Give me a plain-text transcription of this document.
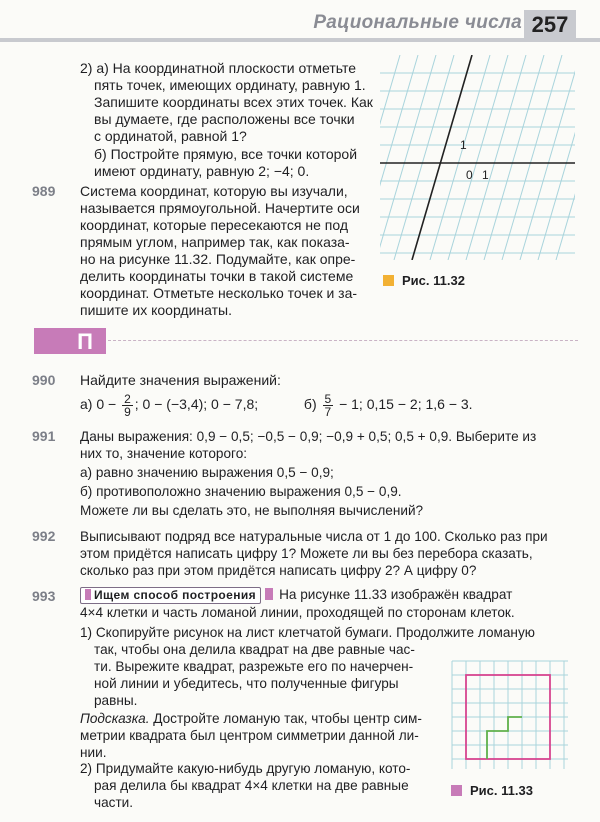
Рациональные числа 257
2) а) На координатной плоскости отметьте
пять точек, имеющих ординату, равную 1.
Запишите координаты всех этих точек. Как
вы думаете, где расположены все точки
с ординатой, равной 1?
б) Постройте прямую, все точки которой
имеют ординату, равную 2; −4; 0.
989 Система координат, которую вы изучали,
называется прямоугольной. Начертите оси
координат, которые пересекаются не под
прямым углом, например так, как показа-
но на рисунке 11.32. Подумайте, как опре-
делить координаты точки в такой системе
координат. Отметьте несколько точек и за-
пишите их координаты.
1
0 1
Рис. 11.32
П
990 Найдите значения выражений:
а) $0 - \frac{2}{9}$ ; 0 − (−3,4); 0 − 7,8;	$б) \frac{5}{7} - 1$; 0,15 − 2; 1,6 − 3.
991 Даны выражения: 0,9 − 0,5; −0,5 − 0,9; −0,9 + 0,5; 0,5 + 0,9. Выберите из
них то, значение которого:
а) равно значению выражения 0,5 − 0,9;
б) противоположно значению выражения 0,5 − 0,9.
Можете ли вы сделать это, не выполняя вычислений?
992 Выписывают подряд все натуральные числа от 1 до 100. Сколько раз при
этом придётся написать цифру 1? Можете ли вы без перебора сказать,
сколько раз при этом придётся написать цифру 2? А цифру 0?
993	Ищем способ построения На рисунке 11.33 изображён квадрат
4×4 клетки и часть ломаной линии, проходящей по сторонам клеток.
1) Скопируйте рисунок на лист клетчатой бумаги. Продолжите ломаную
так, чтобы она делила квадрат на две равные час-
ти. Вырежите квадрат, разрежьте его по начерчен-
ной линии и убедитесь, что полученные фигуры
равны.
Подсказка. Достройте ломаную так, чтобы центр сим-
метрии квадрата был центром симметрии данной ли-
нии.
2) Придумайте какую-нибудь другую ломаную, кото-
рая делила бы квадрат 4×4 клетки на две равные
части.
Рис. 11.33
